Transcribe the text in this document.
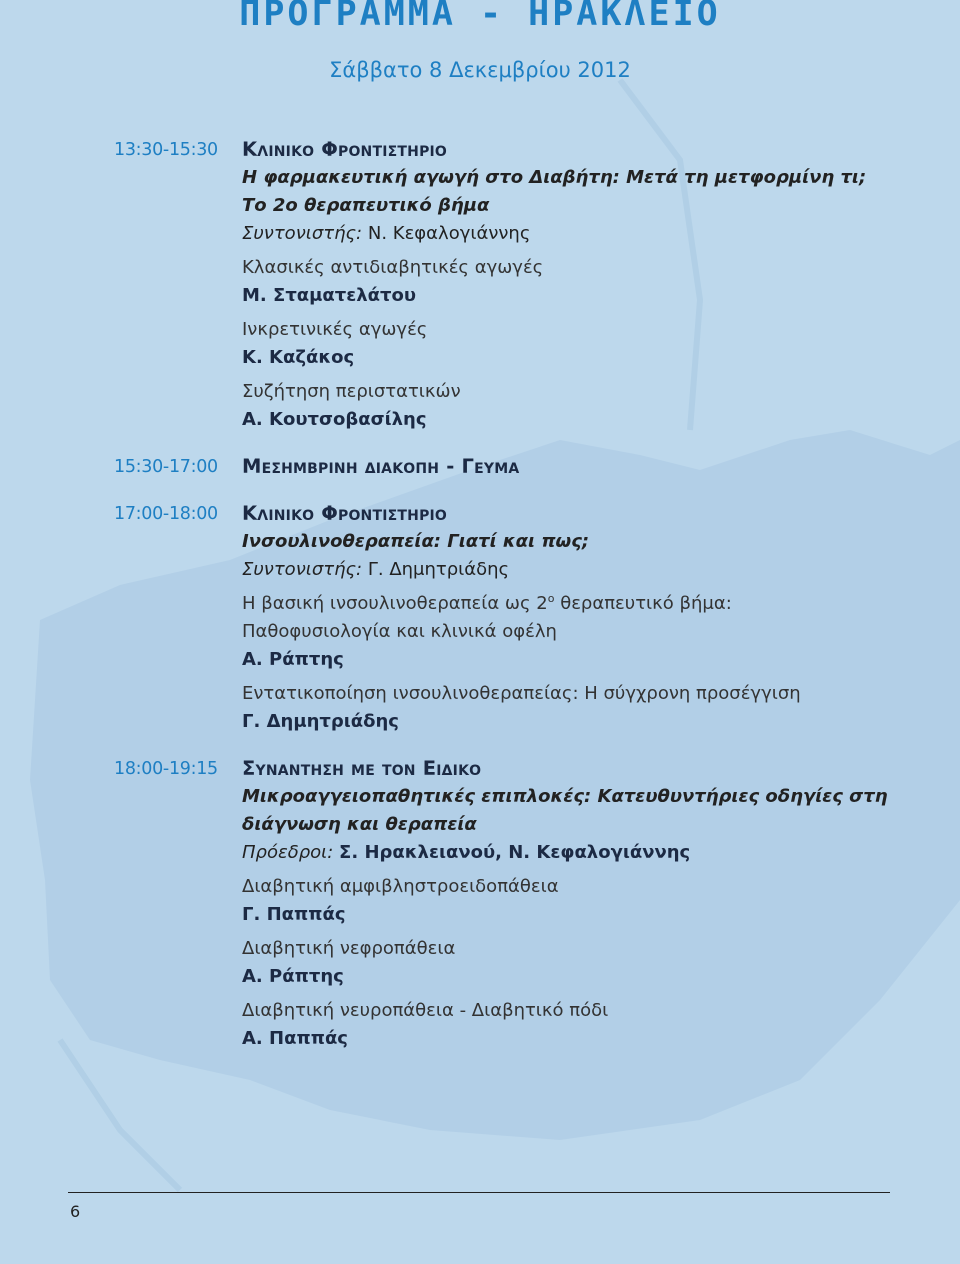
ΠΡΟΓΡΑΜΜΑ - ΗΡΑΚΛΕΙΟ
Σάββατο 8 Δεκεμβρίου 2012
13:30-15:30 Κλινικο Φροντιστηριο
Η φαρμακευτική αγωγή στο Διαβήτη: Μετά τη μετφορμίνη τι;
Το 2ο θεραπευτικό βήμα
Συντονιστής: Ν. Κεφαλογιάννης
Κλασικές αντιδιαβητικές αγωγές
Μ. Σταματελάτου
Ινκρετινικές αγωγές
Κ. Καζάκος
Συζήτηση περιστατικών
Α. Κουτσοβασίλης
15:30-17:00 Μεσημβρινη διακοπη - Γευμα
17:00-18:00 Κλινικο Φροντιστηριο
Ινσουλινοθεραπεία: Γιατί και πως;
Συντονιστής: Γ. Δημητριάδης
Η βασική ινσουλινοθεραπεία ως $2^o$ θεραπευτικό βήμα:
Παθοφυσιολογία και κλινικά οφέλη
Α. Ράπτης
Εντατικοποίηση ινσουλινοθεραπείας: Η σύγχρονη προσέγγιση
Γ. Δημητριάδης
18:00-19:15 Συναντηση με τον Ειδικο
Μικροαγγειοπαθητικές επιπλοκές: Κατευθυντήριες οδηγίες στη
διάγνωση και θεραπεία
Πρόεδροι: Σ. Ηρακλειανού, Ν. Κεφαλογιάννης
Διαβητική αμφιβληστροειδοπάθεια
Γ. Παππάς
Διαβητική νεφροπάθεια
Α. Ράπτης
Διαβητική νευροπάθεια - Διαβητικό πόδι
Α. Παππάς
6
